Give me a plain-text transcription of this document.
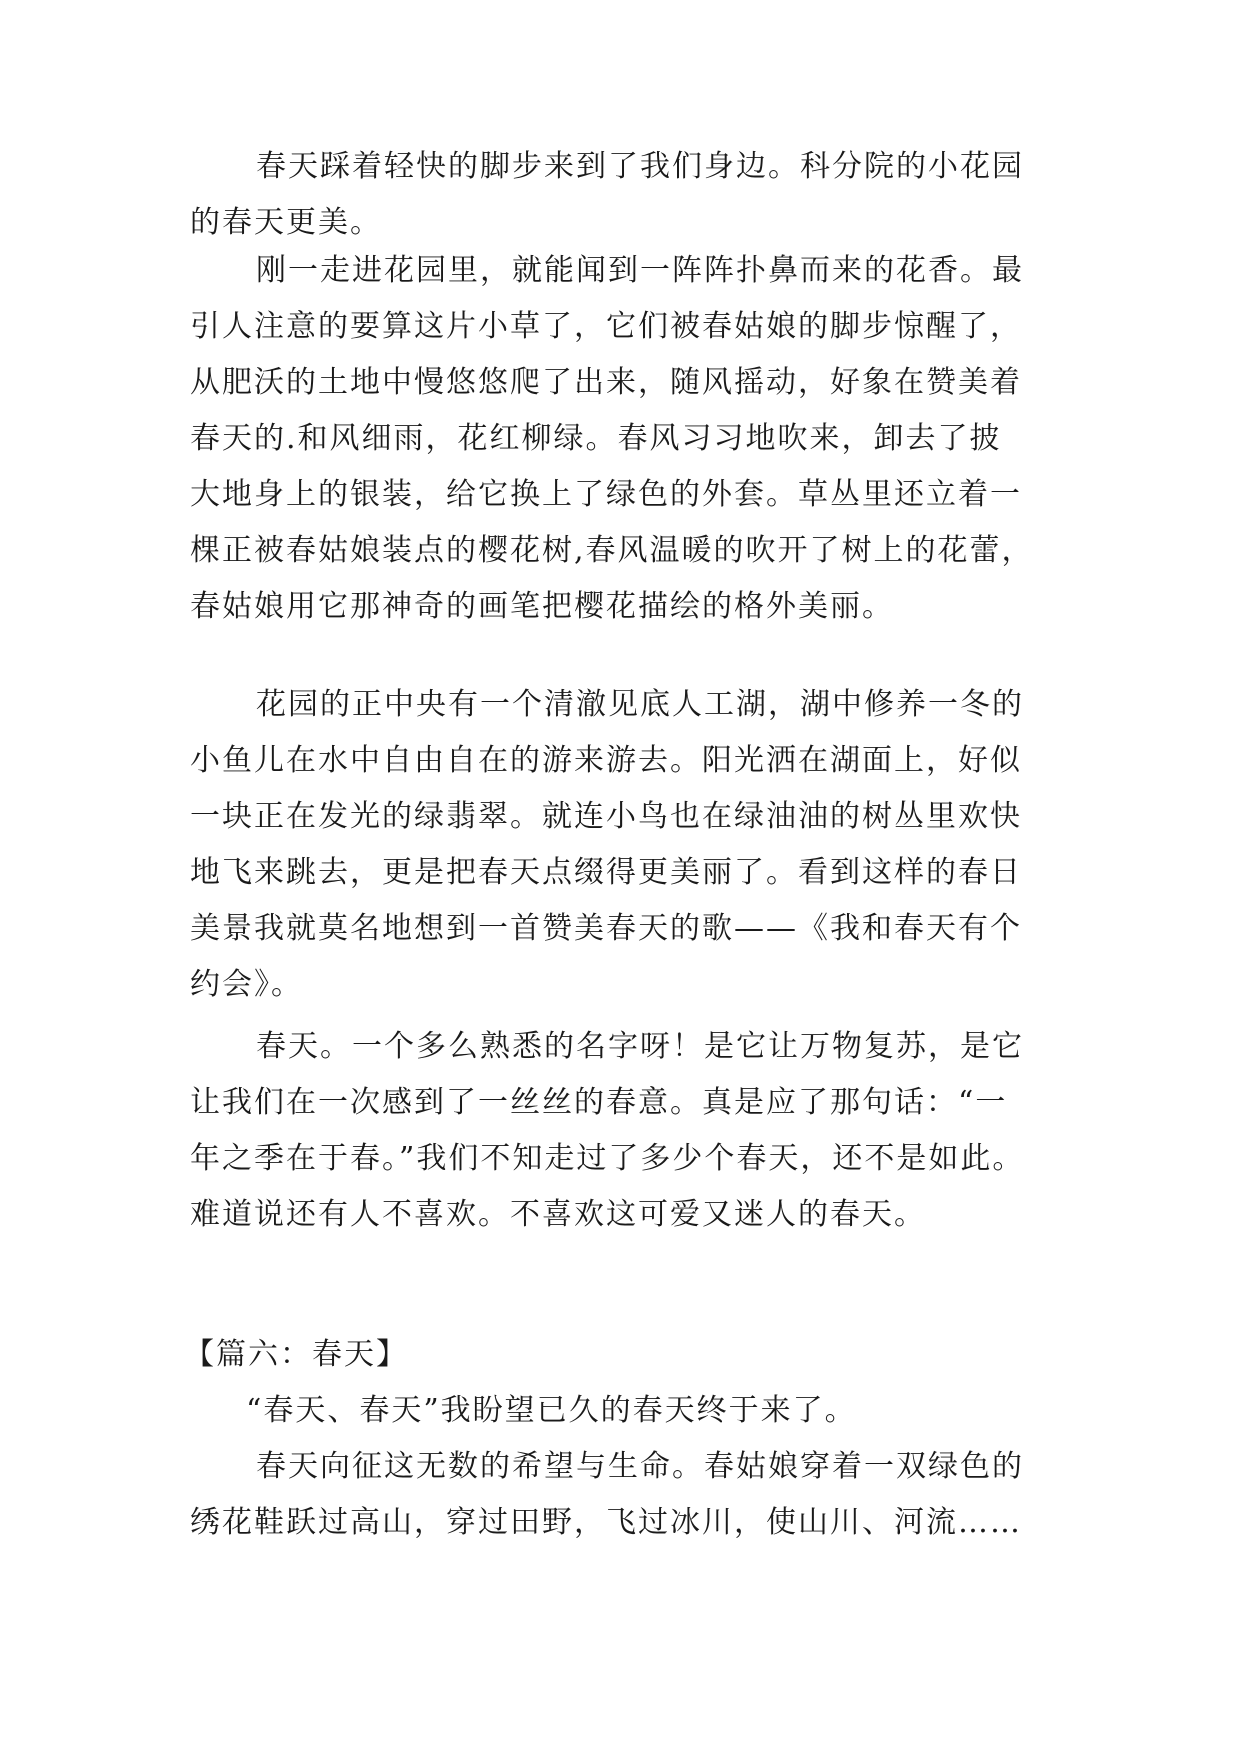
春天踩着轻快的脚步来到了我们身边。科分院的小花园
的春天更美。
刚一走进花园里，就能闻到一阵阵扑鼻而来的花香。最
引人注意的要算这片小草了，它们被春姑娘的脚步惊醒了，
从肥沃的土地中慢悠悠爬了出来，随风摇动，好象在赞美着
春天的.和风细雨，花红柳绿。春风习习地吹来，卸去了披
大地身上的银装，给它换上了绿色的外套。草丛里还立着一
棵正被春姑娘装点的樱花树,春风温暖的吹开了树上的花蕾，
春姑娘用它那神奇的画笔把樱花描绘的格外美丽。
花园的正中央有一个清澈见底人工湖，湖中修养一冬的
小鱼儿在水中自由自在的游来游去。阳光洒在湖面上，好似
一块正在发光的绿翡翠。就连小鸟也在绿油油的树丛里欢快
地飞来跳去，更是把春天点缀得更美丽了。看到这样的春日
美景我就莫名地想到一首赞美春天的歌——《我和春天有个
约会》。
春天。一个多么熟悉的名字呀！是它让万物复苏，是它
让我们在一次感到了一丝丝的春意。真是应了那句话：“一
年之季在于春。”我们不知走过了多少个春天，还不是如此。
难道说还有人不喜欢。不喜欢这可爱又迷人的春天。
【篇六：春天】
“春天、春天”我盼望已久的春天终于来了。
春天向征这无数的希望与生命。春姑娘穿着一双绿色的
绣花鞋跃过高山，穿过田野，飞过冰川，使山川、河流……
